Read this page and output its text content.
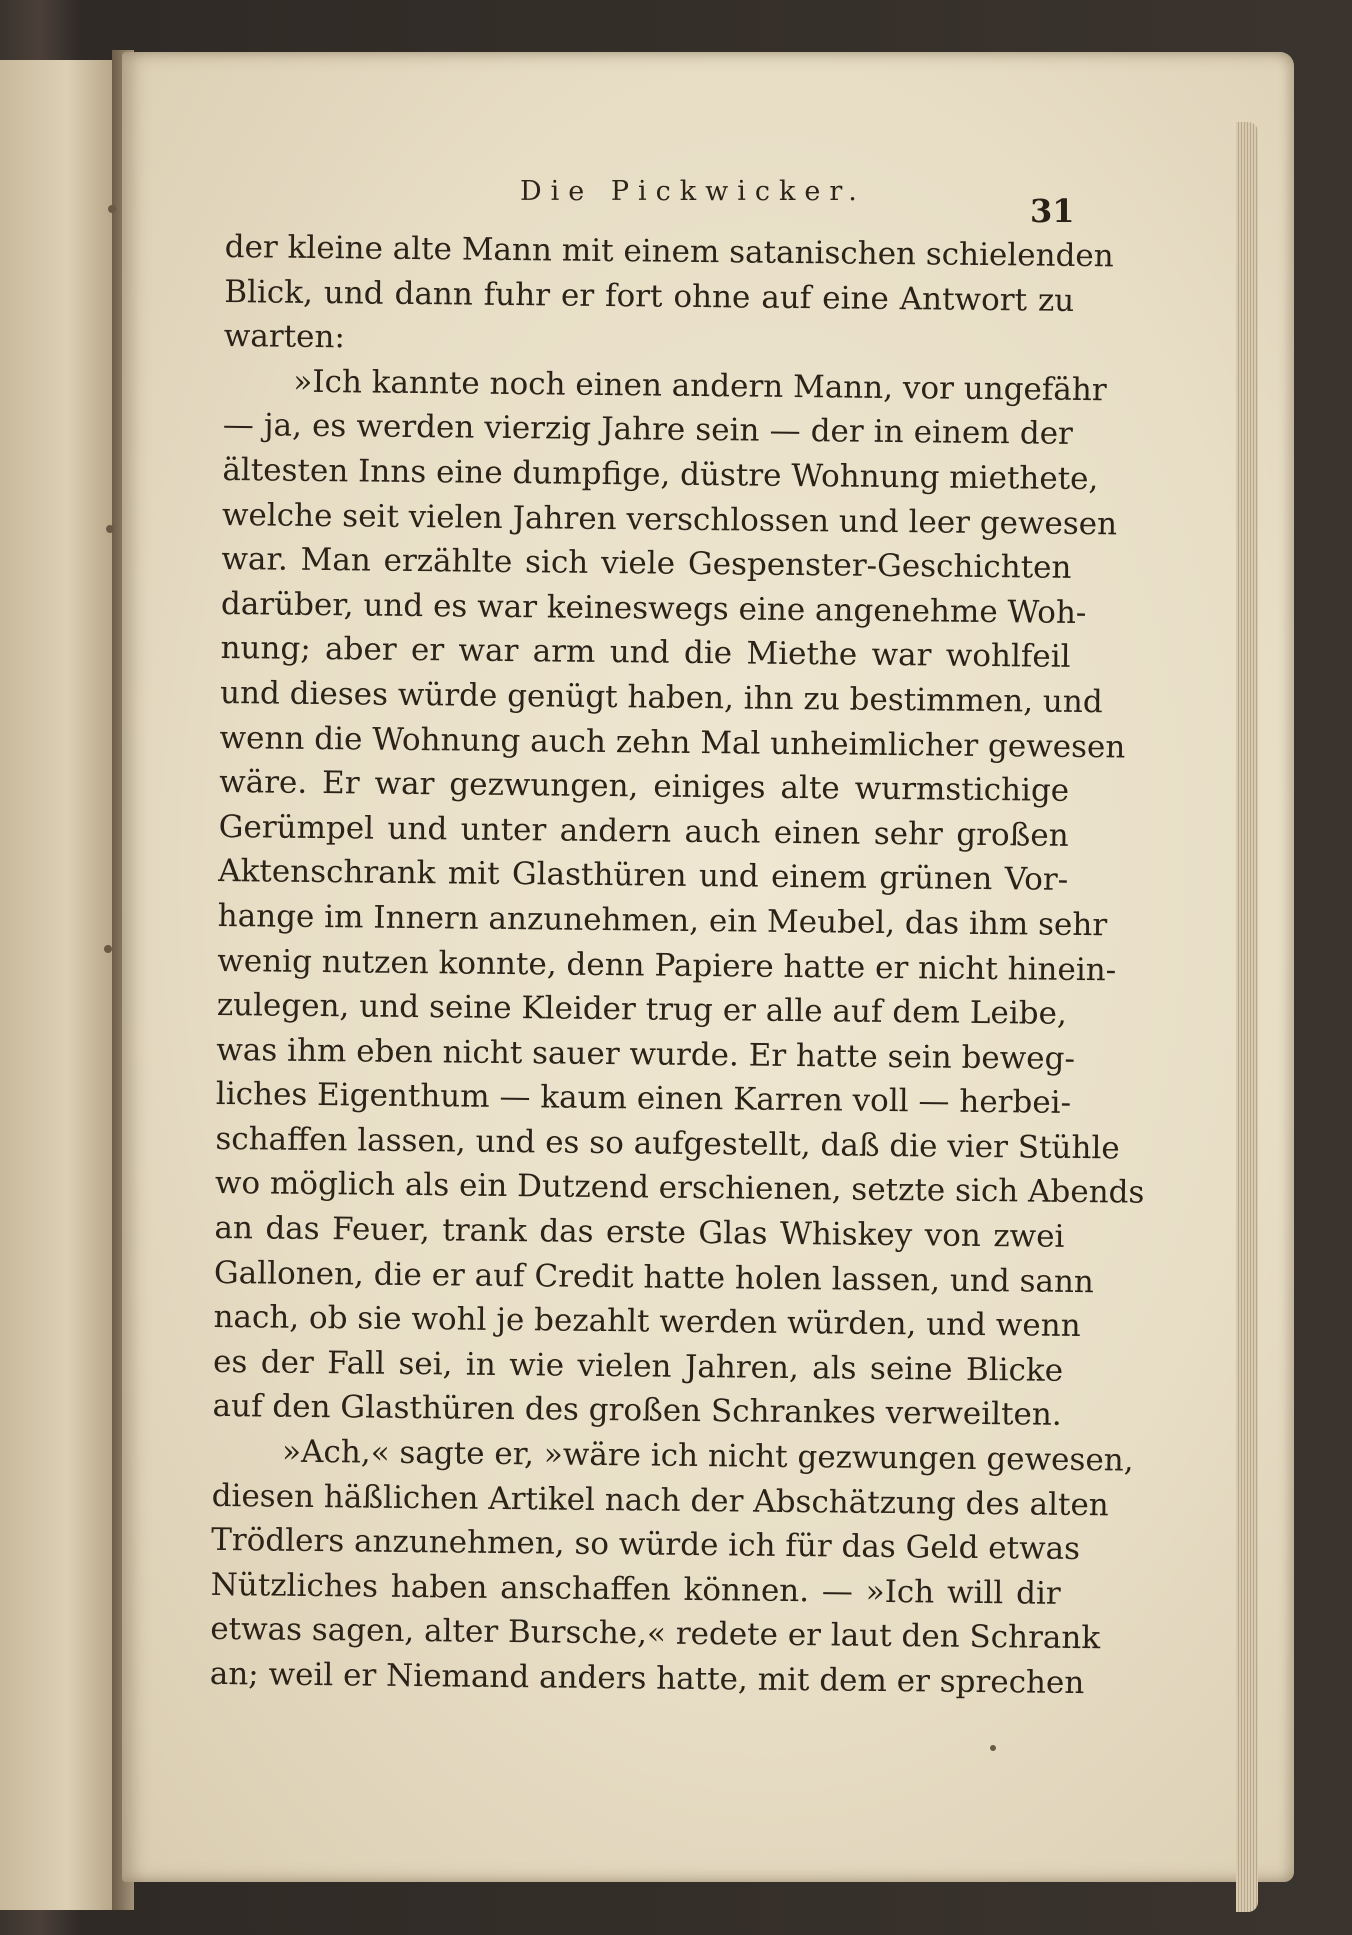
Die Pickwicker.
31
der kleine alte Mann mit einem satanischen schielenden
Blick, und dann fuhr er fort ohne auf eine Antwort zu
warten:
»Ich kannte noch einen andern Mann, vor ungefähr
— ja, es werden vierzig Jahre sein — der in einem der
ältesten Inns eine dumpfige, düstre Wohnung miethete,
welche seit vielen Jahren verschlossen und leer gewesen
war. Man erzählte sich viele Gespenster-Geschichten
darüber, und es war keineswegs eine angenehme Woh-
nung; aber er war arm und die Miethe war wohlfeil
und dieses würde genügt haben, ihn zu bestimmen, und
wenn die Wohnung auch zehn Mal unheimlicher gewesen
wäre. Er war gezwungen, einiges alte wurmstichige
Gerümpel und unter andern auch einen sehr großen
Aktenschrank mit Glasthüren und einem grünen Vor-
hange im Innern anzunehmen, ein Meubel, das ihm sehr
wenig nutzen konnte, denn Papiere hatte er nicht hinein-
zulegen, und seine Kleider trug er alle auf dem Leibe,
was ihm eben nicht sauer wurde. Er hatte sein beweg-
liches Eigenthum — kaum einen Karren voll — herbei-
schaffen lassen, und es so aufgestellt, daß die vier Stühle
wo möglich als ein Dutzend erschienen, setzte sich Abends
an das Feuer, trank das erste Glas Whiskey von zwei
Gallonen, die er auf Credit hatte holen lassen, und sann
nach, ob sie wohl je bezahlt werden würden, und wenn
es der Fall sei, in wie vielen Jahren, als seine Blicke
auf den Glasthüren des großen Schrankes verweilten.
»Ach,« sagte er, »wäre ich nicht gezwungen gewesen,
diesen häßlichen Artikel nach der Abschätzung des alten
Trödlers anzunehmen, so würde ich für das Geld etwas
Nützliches haben anschaffen können. — »Ich will dir
etwas sagen, alter Bursche,« redete er laut den Schrank
an; weil er Niemand anders hatte, mit dem er sprechen
